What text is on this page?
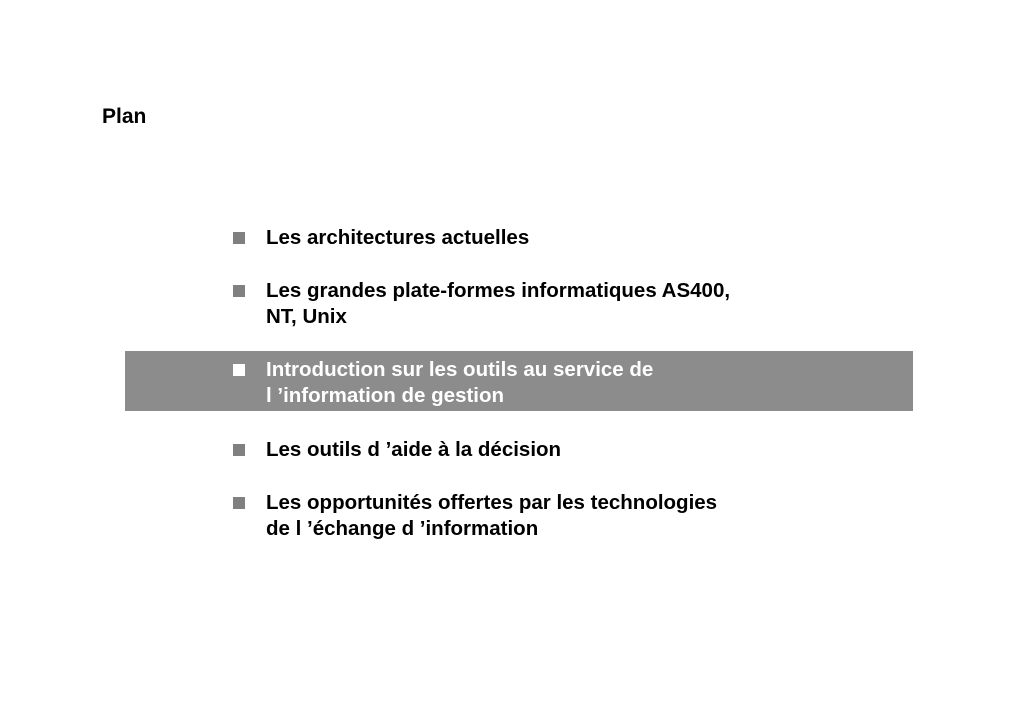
Plan
Les architectures actuelles
Les grandes plate-formes informatiques AS400,
NT, Unix
Introduction sur les outils au service de
l ’information de gestion
Les outils d ’aide à la décision
Les opportunités offertes par les technologies
de l ’échange d ’information
